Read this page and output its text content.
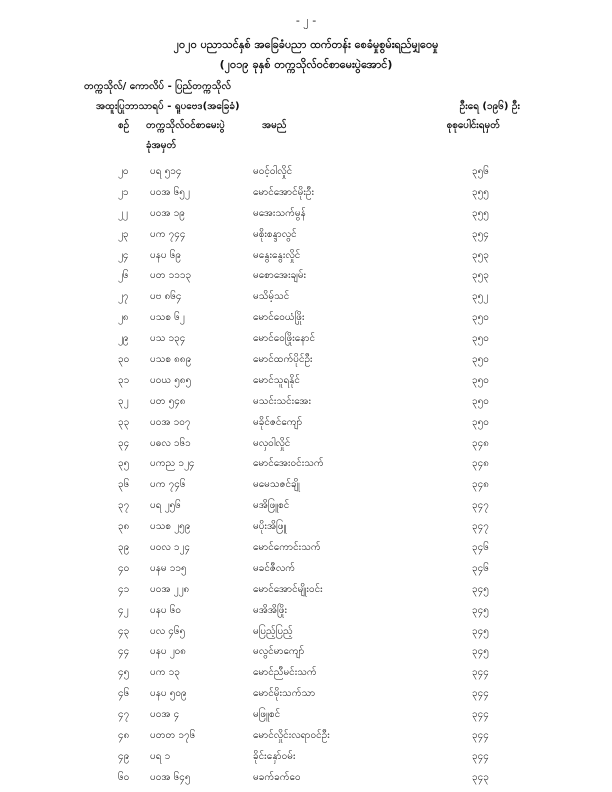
- ၂ -
၂၀၂၀ ပညာသင်နှစ် အခြေခံပညာ ထက်တန်း စေခံမှုစွမ်းရည်မျှဝေမှု
(၂၀၁၉ ခုနှစ် တက္ကသိုလ်ဝင်စာမေးပွဲအောင်)
တက္ကသိုလ်/ ကောလိပ် - ပြည်တက္ကသိုလ်
အထူးပြုဘာသာရပ် - ရူပဗေဒ(အခြေခံ)	ဦးရေ (၁၉၆) ဦး
စဉ် တက္ကသိုလ်ဝင်စာမေးပွဲ
ခုံအမှတ်
အမည်	စုစုပေါင်းရမှတ်
၂၀ ပရ ၅၁၄	မဝင့်ဝါလှိုင်	၃၅၆
၂၁ ပဝအ ၆၅၂	မောင်အောင်မိုးဦး	၃၅၅
၂၂ ပဝအ ၁၉	မအေးသက်မွန်	၃၅၅
၂၃ ပက ၇၄၄	မစိုးစန္ဒာလွင်	၃၅၄
၂၄ ပနပ ၆၉	မနွေးနွေးလှိုင်	၃၅၃
၂၆ ပတ ၁၁၁၃	မစောအေးချမ်း	၃၅၃
၂၇ ပဗ ၈၆၄	မသိမ့်သင်	၃၅၂
၂၈ ပသစ ၆၂	မောင်ဝေယံဖြိုး	၃၅၀
၂၉ ပသ ၁၃၄	မောင်ဝေဖြိုးနောင်	၃၅၀
၃၀ ပသစ ၈၈၉	မောင်ထက်ပိုင်ဦး	၃၅၀
၃၁ ပဝယ ၅၈၅	မောင်သူရနိုင်	၃၅၀
၃၂ ပတ ၅၄၈	မသင်းသင်းအေး	၃၅၀
၃၃ ပဝအ ၁၀၇	မခိုင်ဇင်ကျော်	၃၅၀
၃၄ ပဓလ ၁၆၁	မလှဝါလှိုင်	၃၄၈
၃၅ ပကည ၁၂၄	မောင်အေးဝင်းသက်	၃၄၈
၃၆ ပက ၇၄၆	မမေသဇင်ချို	၃၄၈
၃၇ ပရ ၂၅၆	မအိဖြူစင်	၃၄၇
၃၈ ပသစ ၂၅၉	မပိုးအိဖြူ	၃၄၇
၃၉ ပဝလ ၁၂၄	မောင်ကောင်းသက်	၃၄၆
၄၀ ပနမ ၁၁၅	မခင်ဇီလက်	၃၄၆
၄၁ ပဝအ ၂၂၈	မောင်အောင်မျိုးဝင်း	၃၄၅
၄၂ ပနပ ၆၀	မအိအိဖြိုး	၃၄၅
၄၃ ပလ ၄၆၅	မပြည့်ပြည့်	၃၄၅
၄၄ ပနပ ၂၀၈	မလွင်မာကျော်	၃၄၅
၄၅ ပက ၁၃	မောင်ညီမင်းသက်	၃၄၄
၄၆ ပနပ ၅၀၉	မောင်မိုးသက်သာ	၃၄၄
၄၇ ပဝအ ၄	မဖြူစင်	၃၄၄
၄၈ ပတတ ၁၇၆	မောင်လှိုင်းလရာဝင်ဦး	၃၄၄
၄၉ ပရ ၁	ခိုင်းနှော်ဝမ်း	၃၄၄
၆၀ ပဝအ ၆၄၅	မခက်ခက်ဝေ	၃၄၃
